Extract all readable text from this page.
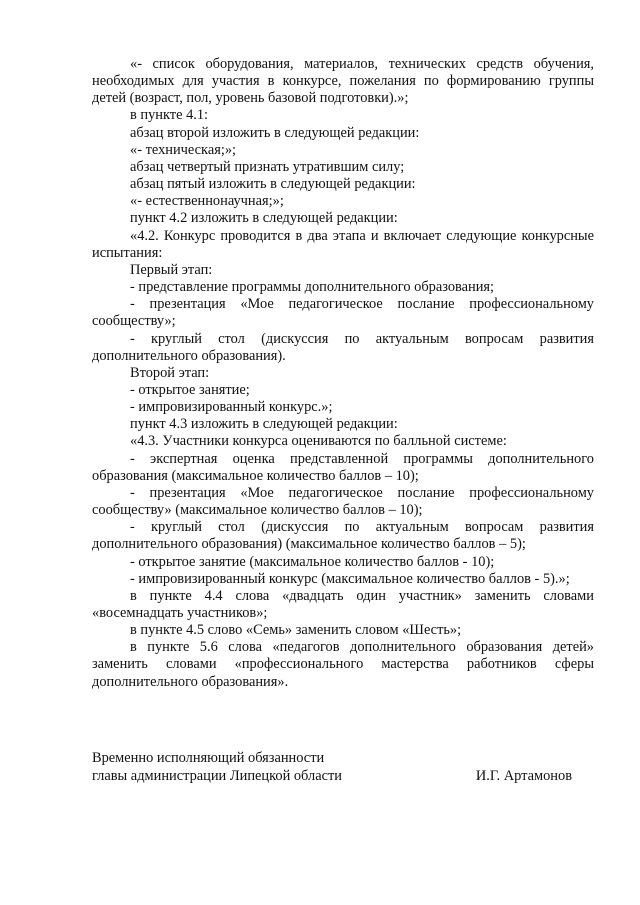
«- список оборудования, материалов, технических средств обучения, необходимых для участия в конкурсе, пожелания по формированию группы детей (возраст, пол, уровень базовой подготовки).»;

в пункте 4.1:

абзац второй изложить в следующей редакции:

«- техническая;»;

абзац четвертый признать утратившим силу;

абзац пятый изложить в следующей редакции:

«- естественнонаучная;»;

пункт 4.2 изложить в следующей редакции:

«4.2. Конкурс проводится в два этапа и включает следующие конкурсные испытания:

Первый этап:

- представление программы дополнительного образования;

- презентация «Мое педагогическое послание профессиональному сообществу»;

- круглый стол (дискуссия по актуальным вопросам развития дополнительного образования).

Второй этап:

- открытое занятие;

- импровизированный конкурс.»;

пункт 4.3 изложить в следующей редакции:

«4.3. Участники конкурса оцениваются по балльной системе:

- экспертная оценка представленной программы дополнительного образования (максимальное количество баллов – 10);

- презентация «Мое педагогическое послание профессиональному сообществу» (максимальное количество баллов – 10);

- круглый стол (дискуссия по актуальным вопросам развития дополнительного образования) (максимальное количество баллов – 5);

- открытое занятие (максимальное количество баллов - 10);

- импровизированный конкурс (максимальное количество баллов - 5).»;

в пункте 4.4 слова «двадцать один участник» заменить словами «восемнадцать участников»;

в пункте 4.5 слово «Семь» заменить словом «Шесть»;

в пункте 5.6 слова «педагогов дополнительного образования детей» заменить словами «профессионального мастерства работников сферы дополнительного образования».

Временно исполняющий обязанности
главы администрации Липецкой области	И.Г. Артамонов
